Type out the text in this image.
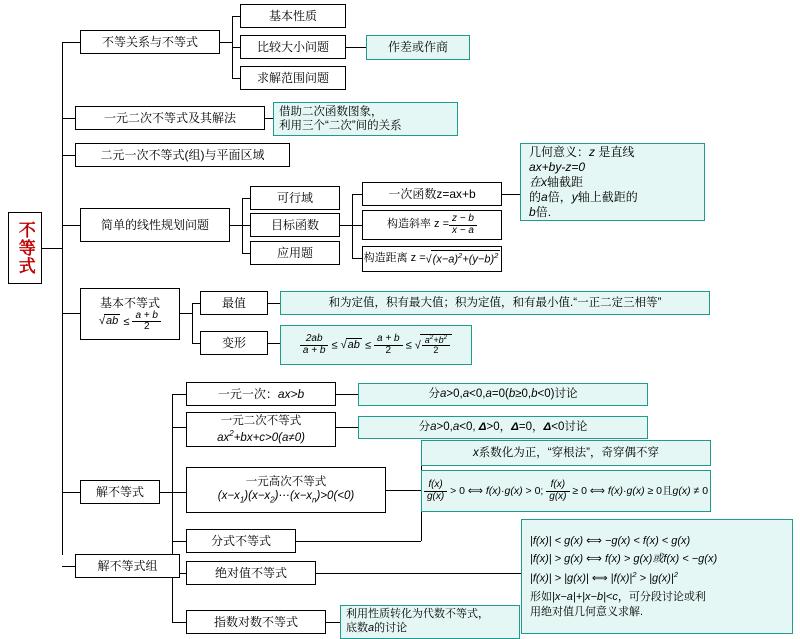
不等式
不等关系与不等式
基本性质
比较大小问题
求解范围问题
作差或作商
一元二次不等式及其解法	借助二次函数图象，
利用三个“二次”间的关系
二元一次不等式(组)与平面区域
简单的线性规划问题
可行域
目标函数
应用题
一次函数z=ax+b
构造斜率 $z = \frac{z - b}{x - a}$
构造距离 $z = √(x-a)^2+(y-b)^2$
几何意义：z 是直线
ax+by-z=0
在x轴截距
的a倍，y轴上截距的
b倍.
基本不等式
$√ab \le \frac{a + b}{2}$
最值
变形
和为定值，积有最大值；积为定值，和有最小值.“一正二定三相等”
$\frac{2ab}{a + b} \le √ab \le \frac{a + b}{2}$ ≤ √ $\frac{a^2+b^2}{2}$
解不等式
一元一次：ax>b
一元二次不等式
$ax^2+bx+c>0(a\ne 0)$
一元高次不等式
$(x-x_1)(x-x_2)\cdots(x-x_n)>0(<0)$
分式不等式
绝对值不等式
指数对数不等式
分a>0,a<0,a=0(b≥0,b<0)讨论
分a>0,a<0, Δ>0，Δ=0，Δ<0讨论
x系数化为正，“穿根法”，奇穿偶不穿
$\frac{f(x)}{g(x)} > 0$ ⟺ f(x)·g(x) > 0; $\frac{f(x)}{g(x)} \ge 0$ ⟺ f(x)·g(x) ≥ 0且g(x) ≠ 0
|f(x)| < g(x) ⟺ −g(x) < f(x) < g(x)
|f(x)| > g(x) ⟺ f(x) > g(x)或f(x) < −g(x)
|f(x)| > |g(x)| ⟺ $|f(x)|^2 > |g(x)|^2$
形如|x−a|+|x−b|<c，可分段讨论或利
用绝对值几何意义求解.
利用性质转化为代数不等式，
底数a的讨论
解不等式组
